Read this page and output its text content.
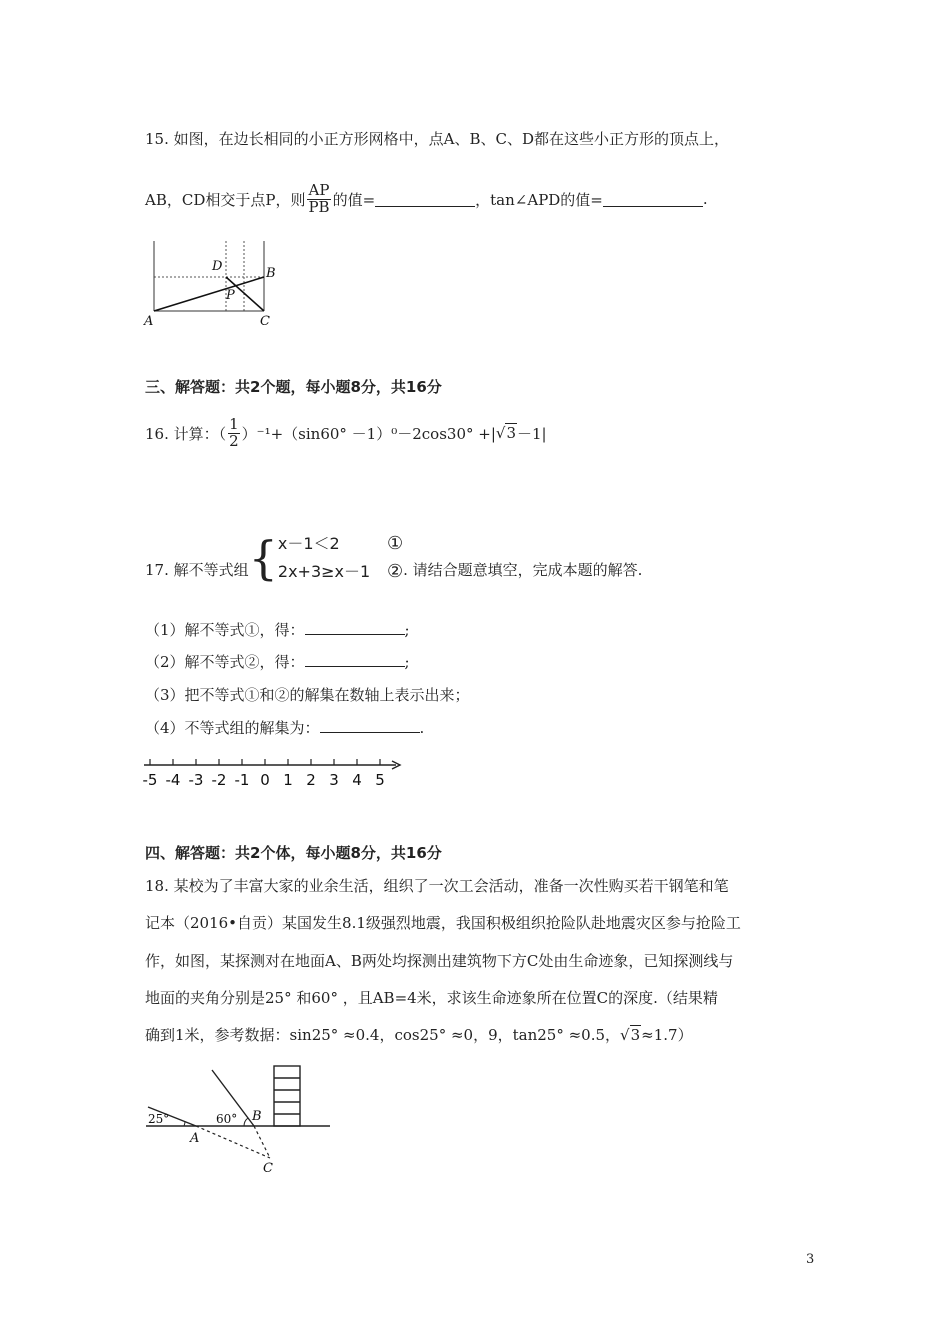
15. 如图，在边长相同的小正方形网格中，点A、B、C、D都在这些小正方形的顶点上，
AB，CD相交于点P，则 $\frac{AP}{PB}$ 的值=	，tan∠APD的值=	.
D	B
P
A	C
三、解答题：共2个题，每小题8分，共16分
16. 计算：（ $\frac{1}{2} )^{-1}+(\sin 60^\circ -1)^0-2\cos 30^\circ$ +| √3 －1|
17. 解不等式组 { x－1＜2	①
2x+3≥x－1 ② . 请结合题意填空，完成本题的解答.
（1）解不等式①，得：	;
（2）解不等式②，得：	;
（3）把不等式①和②的解集在数轴上表示出来；
（4）不等式组的解集为：	.
-5 -4 -3 -2 -1 0 1 2 3 4 5
四、解答题：共2个体，每小题8分，共16分
18. 某校为了丰富大家的业余生活，组织了一次工会活动，准备一次性购买若干钢笔和笔
记本（2016•自贡）某国发生8.1级强烈地震，我国积极组织抢险队赴地震灾区参与抢险工
作，如图，某探测对在地面A、B两处均探测出建筑物下方C处由生命迹象，已知探测线与
地面的夹角分别是25° 和60° ，且AB=4米，求该生命迹象所在位置C的深度.（结果精
确到1米，参考数据：sin25° ≈0.4，cos25° ≈0，9，tan25° ≈0.5，√3≈1.7）
25°	60°
A
B
C
3
